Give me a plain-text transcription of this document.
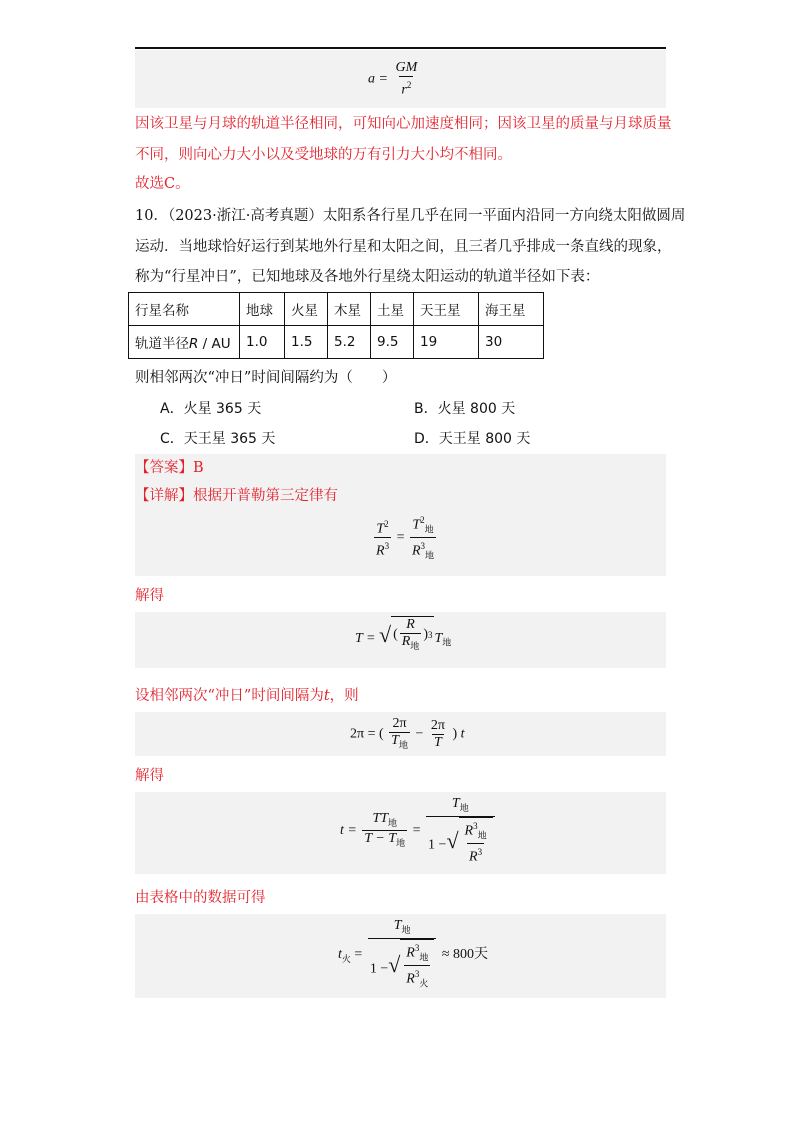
$a = \frac{GM}{r^2}$
因该卫星与月球的轨道半径相同，可知向心加速度相同；因该卫星的质量与月球质量
不同，则向心力大小以及受地球的万有引力大小均不相同。
故选C。
10．（2023·浙江·高考真题）太阳系各行星几乎在同一平面内沿同一方向绕太阳做圆周
运动．当地球恰好运行到某地外行星和太阳之间，且三者几乎排成一条直线的现象，
称为“行星冲日”，已知地球及各地外行星绕太阳运动的轨道半径如下表：
行星名称	地球	火星	木星	土星	天王星	海王星
轨道半径R / AU	1.0	1.5	5.2	9.5	19	30
则相邻两次“冲日”时间间隔约为（　　）
A．火星 365 天	B．火星 800 天
C．天王星 365 天	D．天王星 800 天
【答案】B
【详解】根据开普勒第三定律有
$\frac{T^2}{R^3} = \frac{T^2_地}{R^3_地}$
解得
T = √ ( $\frac{R}{R_地}$ ) 3 $T_地$
设相邻两次“冲日”时间间隔为t，则
2π = ( $\frac{2\pi}{T_地} - \frac{2\pi}{T}$ ) t
解得
$t = \frac{TT_地}{T - T_地} = \frac{T_地}{1 - √ \frac{R^3_地}{R^3}}$
由表格中的数据可得
$t_火 = \frac{T_地}{1 - √ \frac{R^3_地}{R^3_火}} \approx 800$天
